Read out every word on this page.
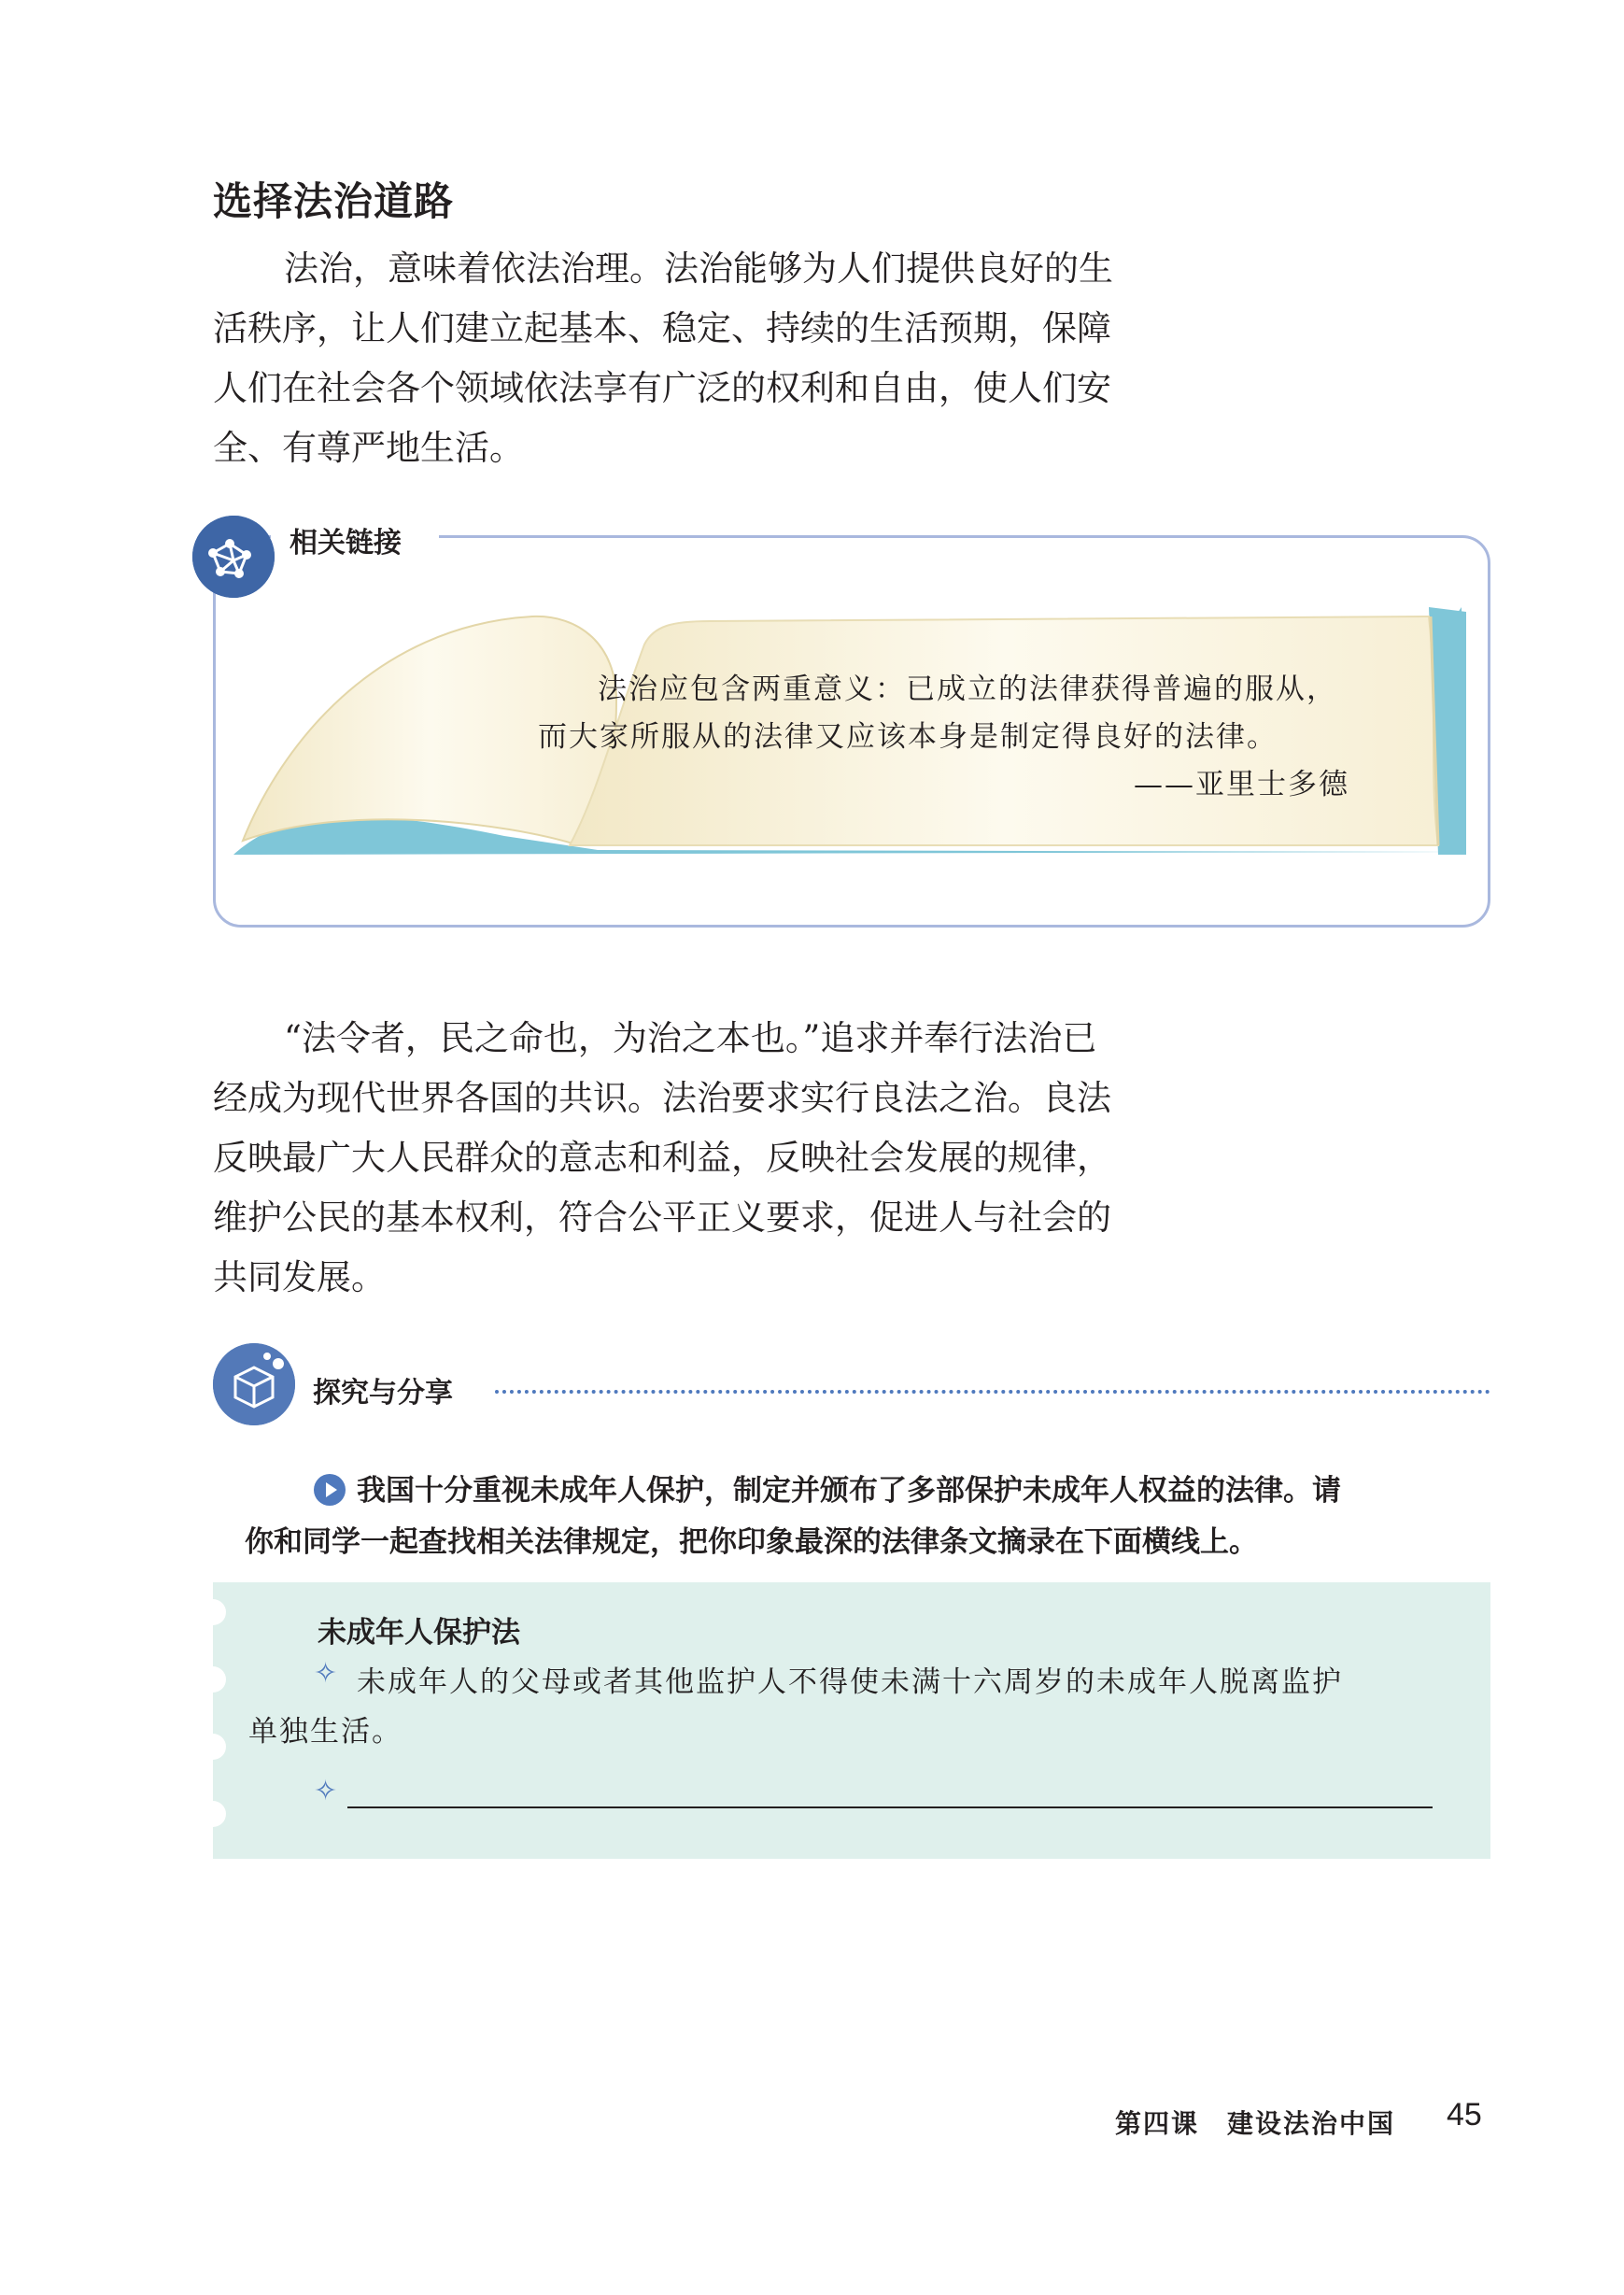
选择法治道路
法治，意味着依法治理。法治能够为人们提供良好的生
活秩序，让人们建立起基本、稳定、持续的生活预期，保障
人们在社会各个领域依法享有广泛的权利和自由，使人们安
全、有尊严地生活。
相关链接
法治应包含两重意义：已成立的法律获得普遍的服从，
而大家所服从的法律又应该本身是制定得良好的法律。
——亚里士多德
“法令者，民之命也，为治之本也。”追求并奉行法治已
经成为现代世界各国的共识。法治要求实行良法之治。良法
反映最广大人民群众的意志和利益，反映社会发展的规律，
维护公民的基本权利，符合公平正义要求，促进人与社会的
共同发展。
探究与分享
我国十分重视未成年人保护，制定并颁布了多部保护未成年人权益的法律。请
你和同学一起查找相关法律规定，把你印象最深的法律条文摘录在下面横线上。
未成年人保护法
✧ 未成年人的父母或者其他监护人不得使未满十六周岁的未成年人脱离监护
单独生活。
✧
第四课　建设法治中国 45
